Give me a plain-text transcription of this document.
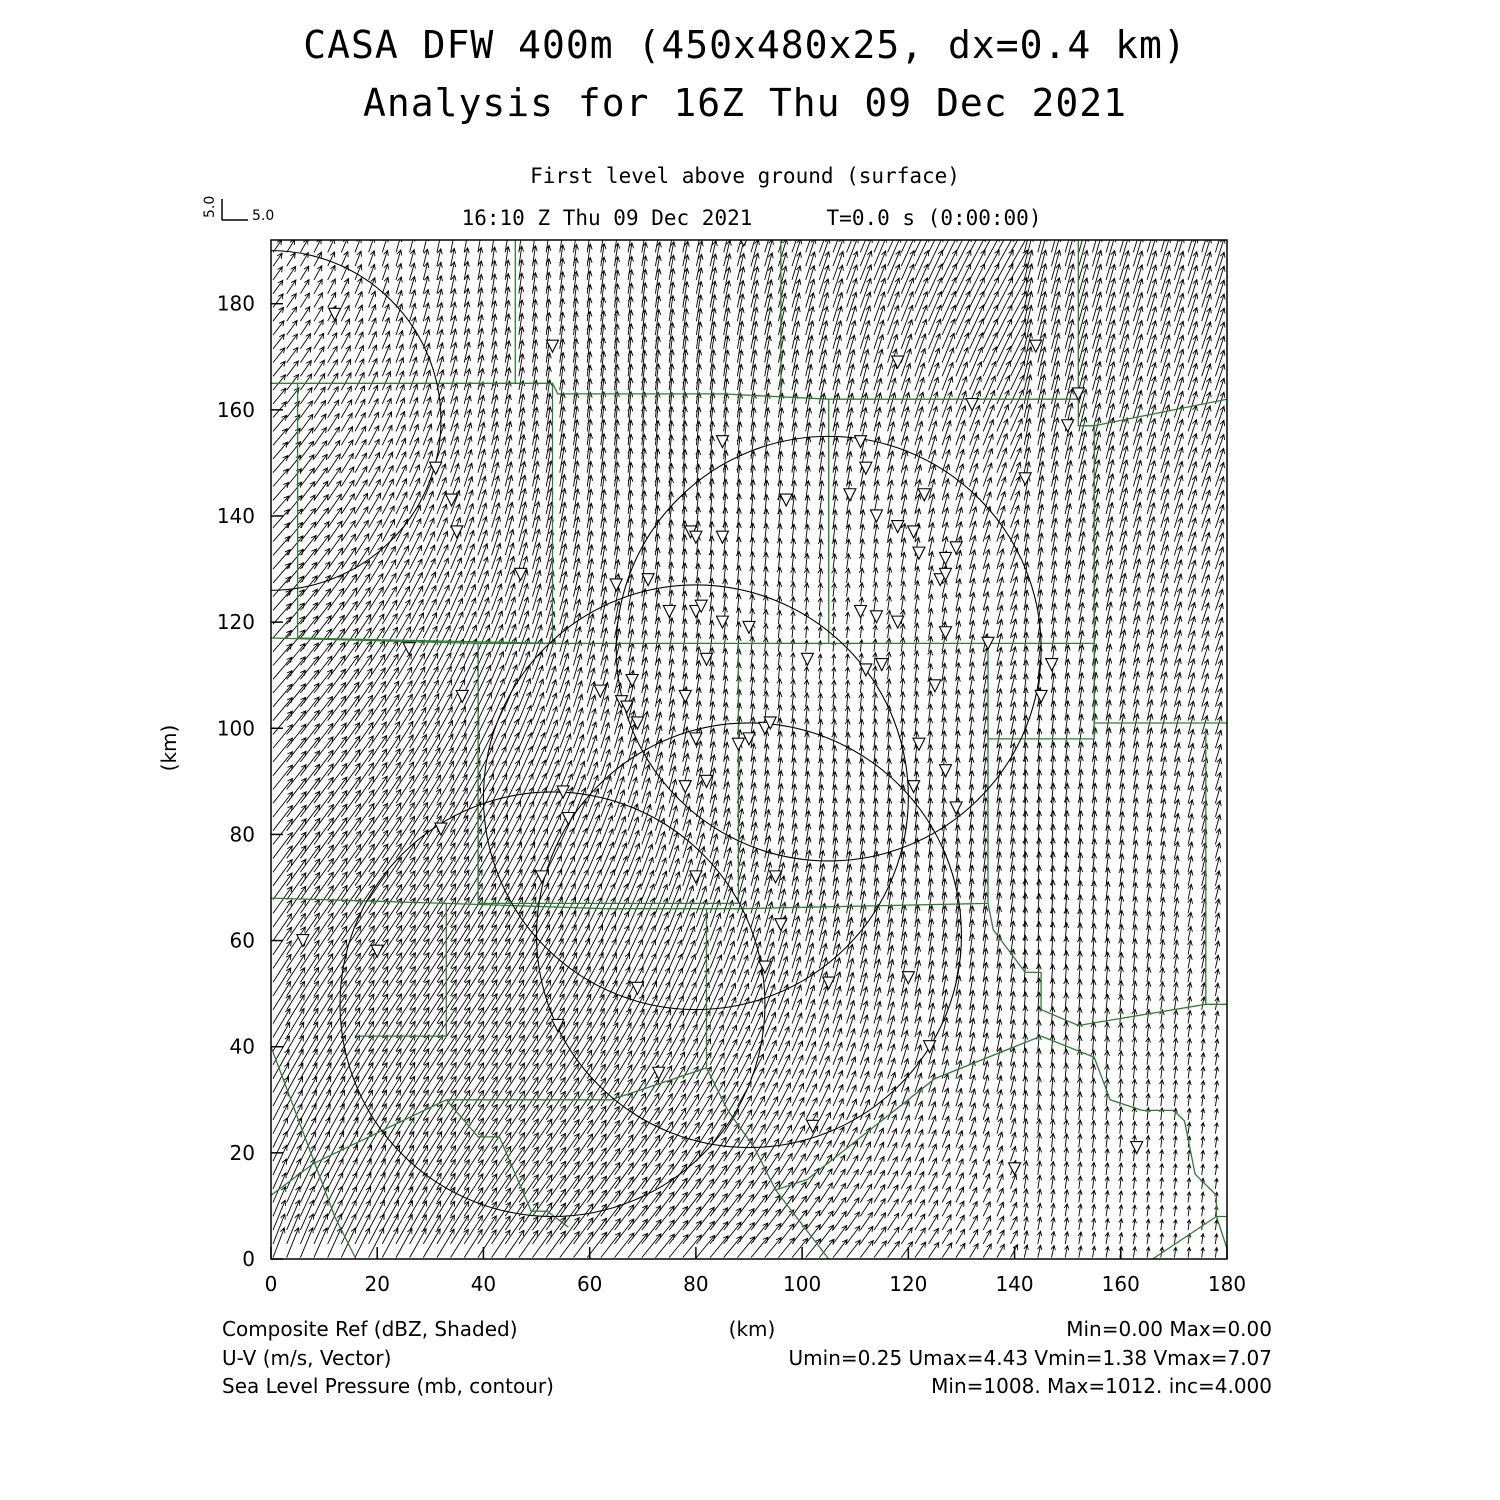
CASA DFW 400m (450x480x25, dx=0.4 km)
Analysis for 16Z Thu 09 Dec 2021
First level above ground (surface)
16:10 Z Thu 09 Dec 2021	T=0.0 s (0:00:00)
5.0 5.0
0	20	40	60	80	100	120	140	160	180
0
20
40
60
80
100
120
140
160
180
(km)
(km)
Composite Ref (dBZ, Shaded)
U-V (m/s, Vector)
Sea Level Pressure (mb, contour)
Min=0.00 Max=0.00
Umin=0.25 Umax=4.43 Vmin=1.38 Vmax=7.07
Min=1008. Max=1012. inc=4.000
